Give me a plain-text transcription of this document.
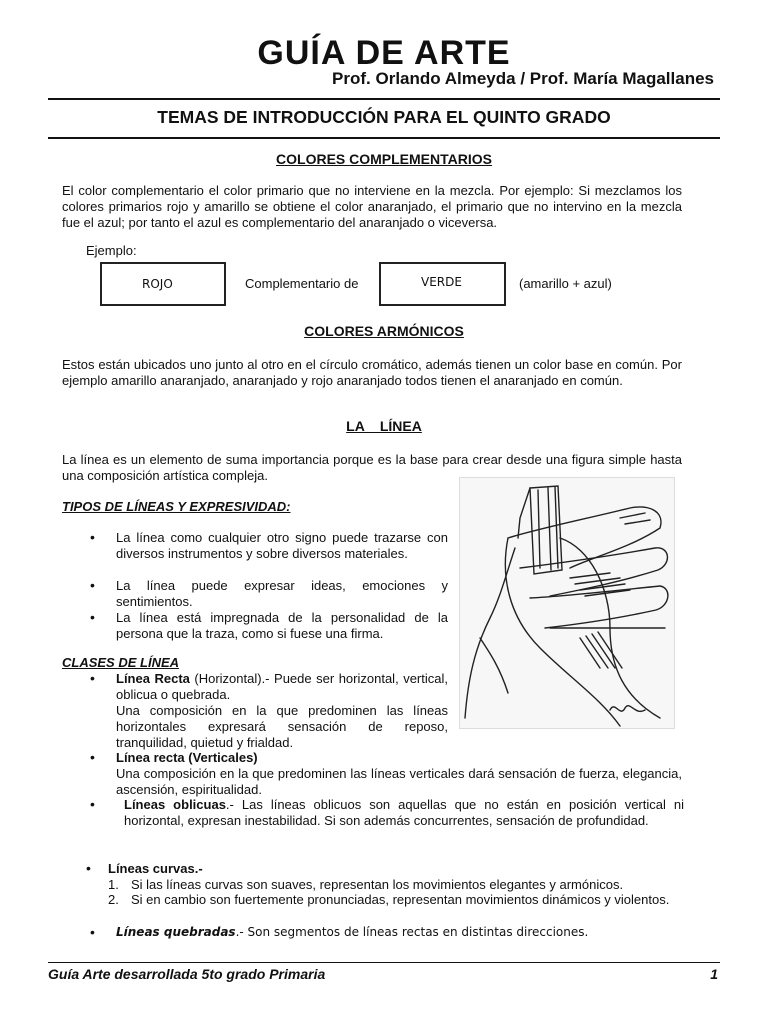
GUÍA DE ARTE
Prof. Orlando Almeyda / Prof. María Magallanes
TEMAS DE INTRODUCCIÓN PARA EL QUINTO GRADO
COLORES COMPLEMENTARIOS
El color complementario el color primario que no interviene en la mezcla. Por ejemplo: Si mezclamos los colores primarios rojo y amarillo se obtiene el color anaranjado, el primario que no intervino en la mezcla fue el azul; por tanto el azul es complementario del anaranjado o viceversa.
Ejemplo:
ROJO	Complementario de	VERDE	(amarillo + azul)
COLORES ARMÓNICOS
Estos están ubicados uno junto al otro en el círculo cromático, además tienen un color base en común. Por ejemplo amarillo anaranjado, anaranjado y rojo anaranjado todos tienen el anaranjado en común.
LA    LÍNEA
La línea es un elemento de suma importancia porque es la base para crear desde una figura simple hasta una composición artística compleja.
TIPOS DE LÍNEAS Y EXPRESIVIDAD:
• La línea como cualquier otro signo puede trazarse con diversos instrumentos y sobre diversos materiales.
• La línea puede expresar ideas, emociones y sentimientos.
• La línea está impregnada de la personalidad de la persona que la traza, como si fuese una firma.
CLASES DE LÍNEA
• Línea Recta (Horizontal).- Puede ser horizontal, vertical, oblicua o quebrada.
Una composición en la que predominen las líneas horizontales expresará sensación de reposo, tranquilidad, quietud y frialdad.
• Línea recta (Verticales)
Una composición en la que predominen las líneas verticales dará sensación de fuerza, elegancia, ascensión, espiritualidad.
• Líneas oblicuas.- Las líneas oblicuos son aquellas que no están en posición vertical ni horizontal, expresan inestabilidad. Si son además concurrentes, sensación de profundidad.
• Líneas curvas.-
1. Si las líneas curvas son suaves, representan los movimientos elegantes y armónicos.
2. Si en cambio son fuertemente pronunciadas, representan movimientos dinámicos y violentos.
• Líneas quebradas.- Son segmentos de líneas rectas en distintas direcciones.
Guía Arte desarrollada 5to grado Primaria	1
